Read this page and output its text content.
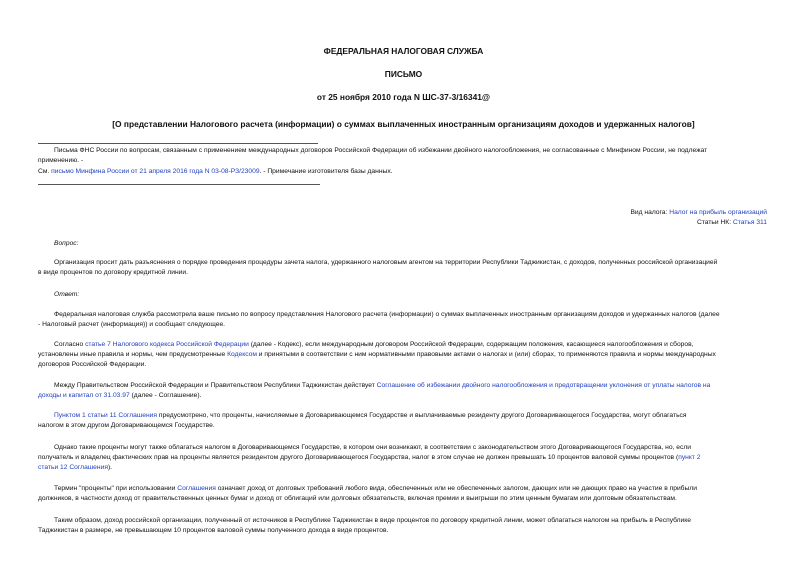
ФЕДЕРАЛЬНАЯ НАЛОГОВАЯ СЛУЖБА
ПИСЬМО
от 25 ноября 2010 года N ШС-37-3/16341@
[О представлении Налогового расчета (информации) о суммах выплаченных иностранным организациям доходов и удержанных налогов]
Письма ФНС России по вопросам, связанным с применением международных договоров Российской Федерации об избежании двойного налогообложения, не согласованные с Минфином России, не подлежат
применению. -
См. письмо Минфина России от 21 апреля 2016 года N 03-08-РЗ/23009. - Примечание изготовителя базы данных.
Вид налога: Налог на прибыль организаций
Статьи НК: Статья 311
Вопрос:
Организация просит дать разъяснения о порядке проведения процедуры зачета налога, удержанного налоговым агентом на территории Республики Таджикистан, с доходов, полученных российской организацией
в виде процентов по договору кредитной линии.
Ответ:
Федеральная налоговая служба рассмотрела ваше письмо по вопросу представления Налогового расчета (информации) о суммах выплаченных иностранным организациям доходов и удержанных налогов (далее
- Налоговый расчет (информация)) и сообщает следующее.
Согласно статье 7 Налогового кодекса Российской Федерации (далее - Кодекс), если международным договором Российской Федерации, содержащим положения, касающиеся налогообложения и сборов,
установлены иные правила и нормы, чем предусмотренные Кодексом и принятыми в соответствии с ним нормативными правовыми актами о налогах и (или) сборах, то применяются правила и нормы международных
договоров Российской Федерации.
Между Правительством Российской Федерации и Правительством Республики Таджикистан действует Соглашение об избежании двойного налогообложения и предотвращении уклонения от уплаты налогов на
доходы и капитал от 31.03.97 (далее - Соглашение).
Пунктом 1 статьи 11 Соглашения предусмотрено, что проценты, начисляемые в Договаривающемся Государстве и выплачиваемые резиденту другого Договаривающегося Государства, могут облагаться
налогом в этом другом Договаривающемся Государстве.
Однако такие проценты могут также облагаться налогом в Договаривающемся Государстве, в котором они возникают, в соответствии с законодательством этого Договаривающегося Государства, но, если
получатель и владелец фактических прав на проценты является резидентом другого Договаривающегося Государства, налог в этом случае не должен превышать 10 процентов валовой суммы процентов (пункт 2
статьи 12 Соглашения).
Термин "проценты" при использовании Соглашения означает доход от долговых требований любого вида, обеспеченных или не обеспеченных залогом, дающих или не дающих право на участие в прибыли
должников, в частности доход от правительственных ценных бумаг и доход от облигаций или долговых обязательств, включая премии и выигрыши по этим ценным бумагам или долговым обязательствам.
Таким образом, доход российской организации, полученный от источников в Республике Таджикистан в виде процентов по договору кредитной линии, может облагаться налогом на прибыль в Республике
Таджикистан в размере, не превышающем 10 процентов валовой суммы полученного дохода в виде процентов.
